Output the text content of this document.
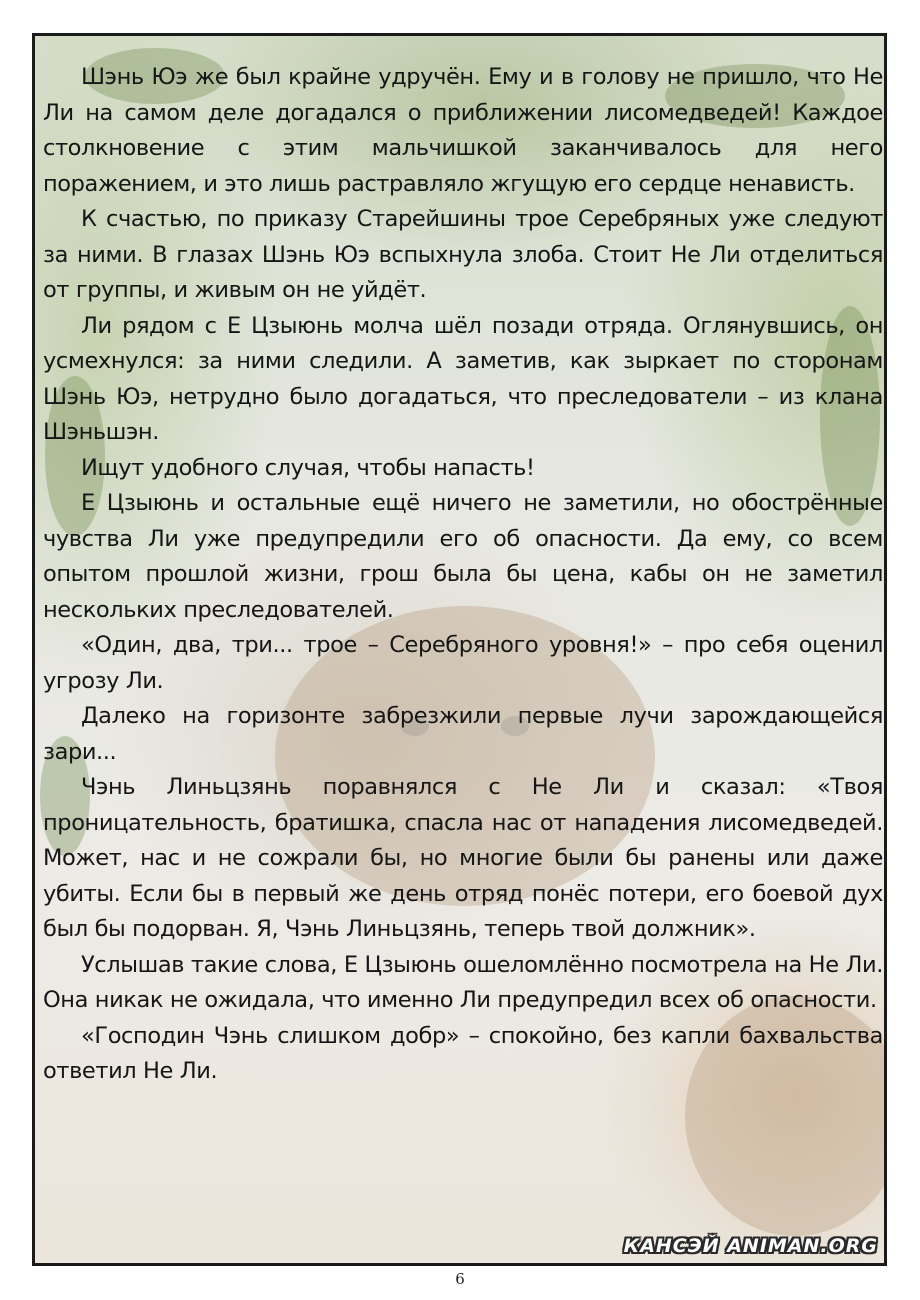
Шэнь Юэ же был крайне удручён. Ему и в голову не пришло, что Не Ли на самом деле догадался о приближении лисомедведей! Каждое столкновение с этим мальчишкой заканчивалось для него поражением, и это лишь растравляло жгущую его сердце ненависть.

К счастью, по приказу Старейшины трое Серебряных уже следуют за ними. В глазах Шэнь Юэ вспыхнула злоба. Стоит Не Ли отделиться от группы, и живым он не уйдёт.

Ли рядом с Е Цзыюнь молча шёл позади отряда. Оглянувшись, он усмехнулся: за ними следили. А заметив, как зыркает по сторонам Шэнь Юэ, нетрудно было догадаться, что преследователи – из клана Шэньшэн.

Ищут удобного случая, чтобы напасть!

Е Цзыюнь и остальные ещё ничего не заметили, но обострённые чувства Ли уже предупредили его об опасности. Да ему, со всем опытом прошлой жизни, грош была бы цена, кабы он не заметил нескольких преследователей.

«Один, два, три... трое – Серебряного уровня!» – про себя оценил угрозу Ли.

Далеко на горизонте забрезжили первые лучи зарождающейся зари...

Чэнь Линьцзянь поравнялся с Не Ли и сказал: «Твоя проницательность, братишка, спасла нас от нападения лисомедведей. Может, нас и не сожрали бы, но многие были бы ранены или даже убиты. Если бы в первый же день отряд понёс потери, его боевой дух был бы подорван. Я, Чэнь Линьцзянь, теперь твой должник».

Услышав такие слова, Е Цзыюнь ошеломлённо посмотрела на Не Ли. Она никак не ожидала, что именно Ли предупредил всех об опасности.

«Господин Чэнь слишком добр» – спокойно, без капли бахвальства ответил Не Ли.

КАНСЭЙ ANIMAN.ORG
6
